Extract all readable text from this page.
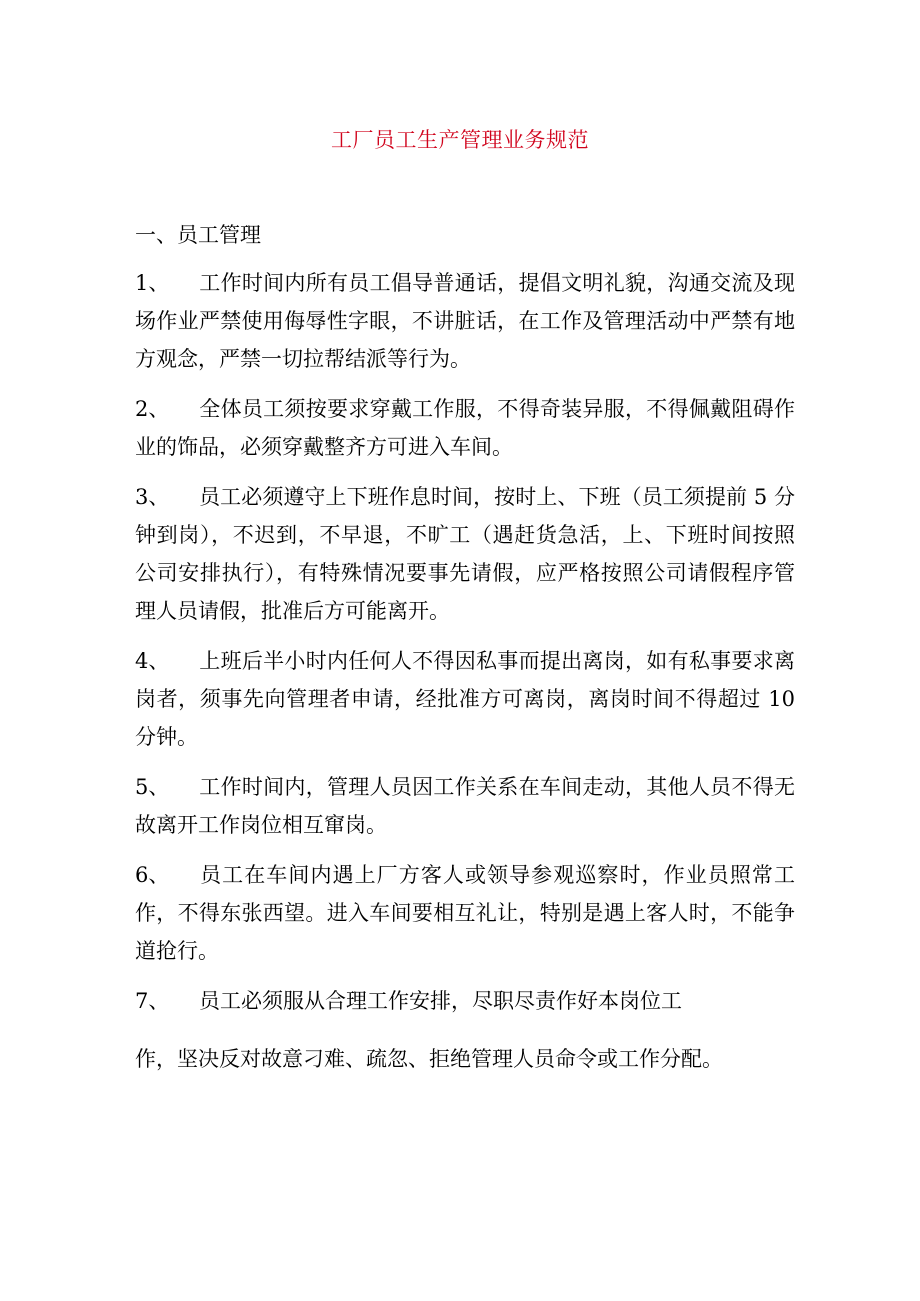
工厂员工生产管理业务规范
一、员工管理

1、 工作时间内所有员工倡导普通话，提倡文明礼貌，沟通交流及现场作业严禁使用侮辱性字眼，不讲脏话，在工作及管理活动中严禁有地方观念，严禁一切拉帮结派等行为。

2、 全体员工须按要求穿戴工作服，不得奇装异服，不得佩戴阻碍作业的饰品，必须穿戴整齐方可进入车间。

3、 员工必须遵守上下班作息时间，按时上、下班（员工须提前 5 分钟到岗），不迟到，不早退，不旷工（遇赶货急活，上、下班时间按照公司安排执行），有特殊情况要事先请假，应严格按照公司请假程序管理人员请假，批准后方可能离开。

4、 上班后半小时内任何人不得因私事而提出离岗，如有私事要求离岗者，须事先向管理者申请，经批准方可离岗，离岗时间不得超过 10 分钟。

5、 工作时间内，管理人员因工作关系在车间走动，其他人员不得无故离开工作岗位相互窜岗。

6、 员工在车间内遇上厂方客人或领导参观巡察时，作业员照常工作，不得东张西望。进入车间要相互礼让，特别是遇上客人时，不能争道抢行。

7、 员工必须服从合理工作安排，尽职尽责作好本岗位工

作，坚决反对故意刁难、疏忽、拒绝管理人员命令或工作分配。
